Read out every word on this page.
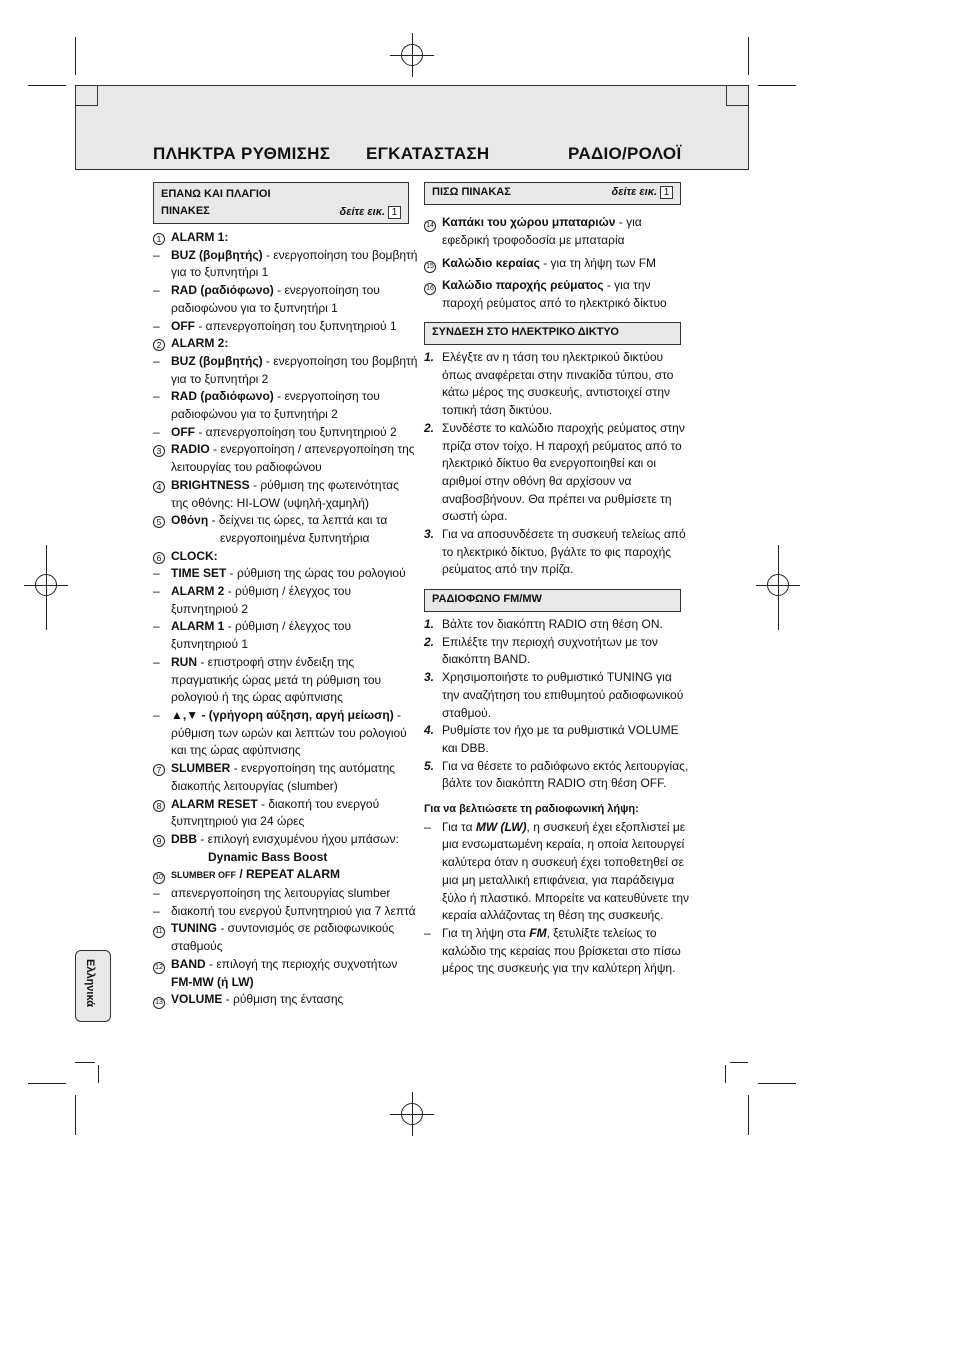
ΠΛΗΚΤΡΑ ΡΥΘΜΙΣΗΣ ΕΓΚΑΤΑΣΤΑΣΗ	ΡΑΔΙΟ/ΡΟΛΟΪ
ΕΠΑΝΩ ΚΑΙ ΠΛΑΓΙΟΙ
ΠΙΝΑΚΕΣ	δείτε εικ. 1
1 ALARM 1:
– BUZ (βομβητής) - ενεργοποίηση του βομβητή για το ξυπνητήρι 1
– RAD (ραδιόφωνο) - ενεργοποίηση του ραδιοφώνου για το ξυπνητήρι 1
– OFF - απενεργοποίηση του ξυπνητηριού 1
2 ALARM 2:
– BUZ (βομβητής) - ενεργοποίηση του βομβητή για το ξυπνητήρι 2
– RAD (ραδιόφωνο) - ενεργοποίηση του ραδιοφώνου για το ξυπνητήρι 2
– OFF - απενεργοποίηση του ξυπνητηριού 2
3 RADIO - ενεργοποίηση / απενεργοποίηση της λειτουργίας του ραδιοφώνου
4 BRIGHTNESS - ρύθμιση της φωτεινότητας της οθόνης: HI-LOW (υψηλή-χαμηλή)
5 Οθόνη - δείχνει τις ώρες, τα λεπτά και τα
ενεργοποιημένα ξυπνητήρια
6 CLOCK:
– TIME SET - ρύθμιση της ώρας του ρολογιού
– ALARM 2 - ρύθμιση / έλεγχος του ξυπνητηριού 2
– ALARM 1 - ρύθμιση / έλεγχος του ξυπνητηριού 1
– RUN - επιστροφή στην ένδειξη της πραγματικής ώρας μετά τη ρύθμιση του ρολογιού ή της ώρας αφύπνισης
– ▲,▼ - (γρήγορη αύξηση, αργή μείωση) - ρύθμιση των ωρών και λεπτών του ρολογιού και της ώρας αφύπνισης
7 SLUMBER - ενεργοποίηση της αυτόματης διακοπής λειτουργίας (slumber)
8 ALARM RESET - διακοπή του ενεργού ξυπνητηριού για 24 ώρες
9 DBB - επιλογή ενισχυμένου ήχου μπάσων:
Dynamic Bass Boost
10 SLUMBER OFF / REPEAT ALARM
– απενεργοποίηση της λειτουργίας slumber
– διακοπή του ενεργού ξυπνητηριού για 7 λεπτά
11 TUNING - συντονισμός σε ραδιοφωνικούς σταθμούς
12 BAND - επιλογή της περιοχής συχνοτήτων FM-MW (ή LW)
13 VOLUME - ρύθμιση της έντασης
ΠΙΣΩ ΠΙΝΑΚΑΣ	δείτε εικ. 1
14 Καπάκι του χώρου μπαταριών - για εφεδρική τροφοδοσία με μπαταρία
15 Καλώδιο κεραίας - για τη λήψη των FM
16 Καλώδιο παροχής ρεύματος - για την παροχή ρεύματος από το ηλεκτρικό δίκτυο
ΣΥΝΔΕΣΗ ΣΤΟ ΗΛΕΚΤΡΙΚΟ ΔΙΚΤΥΟ
1. Ελέγξτε αν η τάση του ηλεκτρικού δικτύου όπως αναφέρεται στην πινακίδα τύπου, στο κάτω μέρος της συσκευής, αντιστοιχεί στην τοπική τάση δικτύου.
2. Συνδέστε το καλώδιο παροχής ρεύματος στην πρίζα στον τοίχο. Η παροχή ρεύματος από το ηλεκτρικό δίκτυο θα ενεργοποιηθεί και οι αριθμοί στην οθόνη θα αρχίσουν να αναβοσβήνουν. Θα πρέπει να ρυθμίσετε τη σωστή ώρα.
3. Για να αποσυνδέσετε τη συσκευή τελείως από το ηλεκτρικό δίκτυο, βγάλτε το φις παροχής ρεύματος από την πρίζα.
ΡΑΔΙΟΦΩΝΟ FM/MW
1. Βάλτε τον διακόπτη RADIO στη θέση ON.
2. Επιλέξτε την περιοχή συχνοτήτων με τον διακόπτη BAND.
3. Χρησιμοποιήστε το ρυθμιστικό TUNING για την αναζήτηση του επιθυμητού ραδιοφωνικού σταθμού.
4. Ρυθμίστε τον ήχο με τα ρυθμιστικά VOLUME και DBB.
5. Για να θέσετε το ραδιόφωνο εκτός λειτουργίας, βάλτε τον διακόπτη RADIO στη θέση OFF.
Για να βελτιώσετε τη ραδιοφωνική λήψη:
– Για τα MW (LW), η συσκευή έχει εξοπλιστεί με μια ενσωματωμένη κεραία, η οποία λειτουργεί καλύτερα όταν η συσκευή έχει τοποθετηθεί σε μια μη μεταλλική επιφάνεια, για παράδειγμα ξύλο ή πλαστικό. Μπορείτε να κατευθύνετε την κεραία αλλάζοντας τη θέση της συσκευής.
– Για τη λήψη στα FM, ξετυλίξτε τελείως το καλώδιο της κεραίας που βρίσκεται στο πίσω μέρος της συσκευής για την καλύτερη λήψη.
Ελληνικά
